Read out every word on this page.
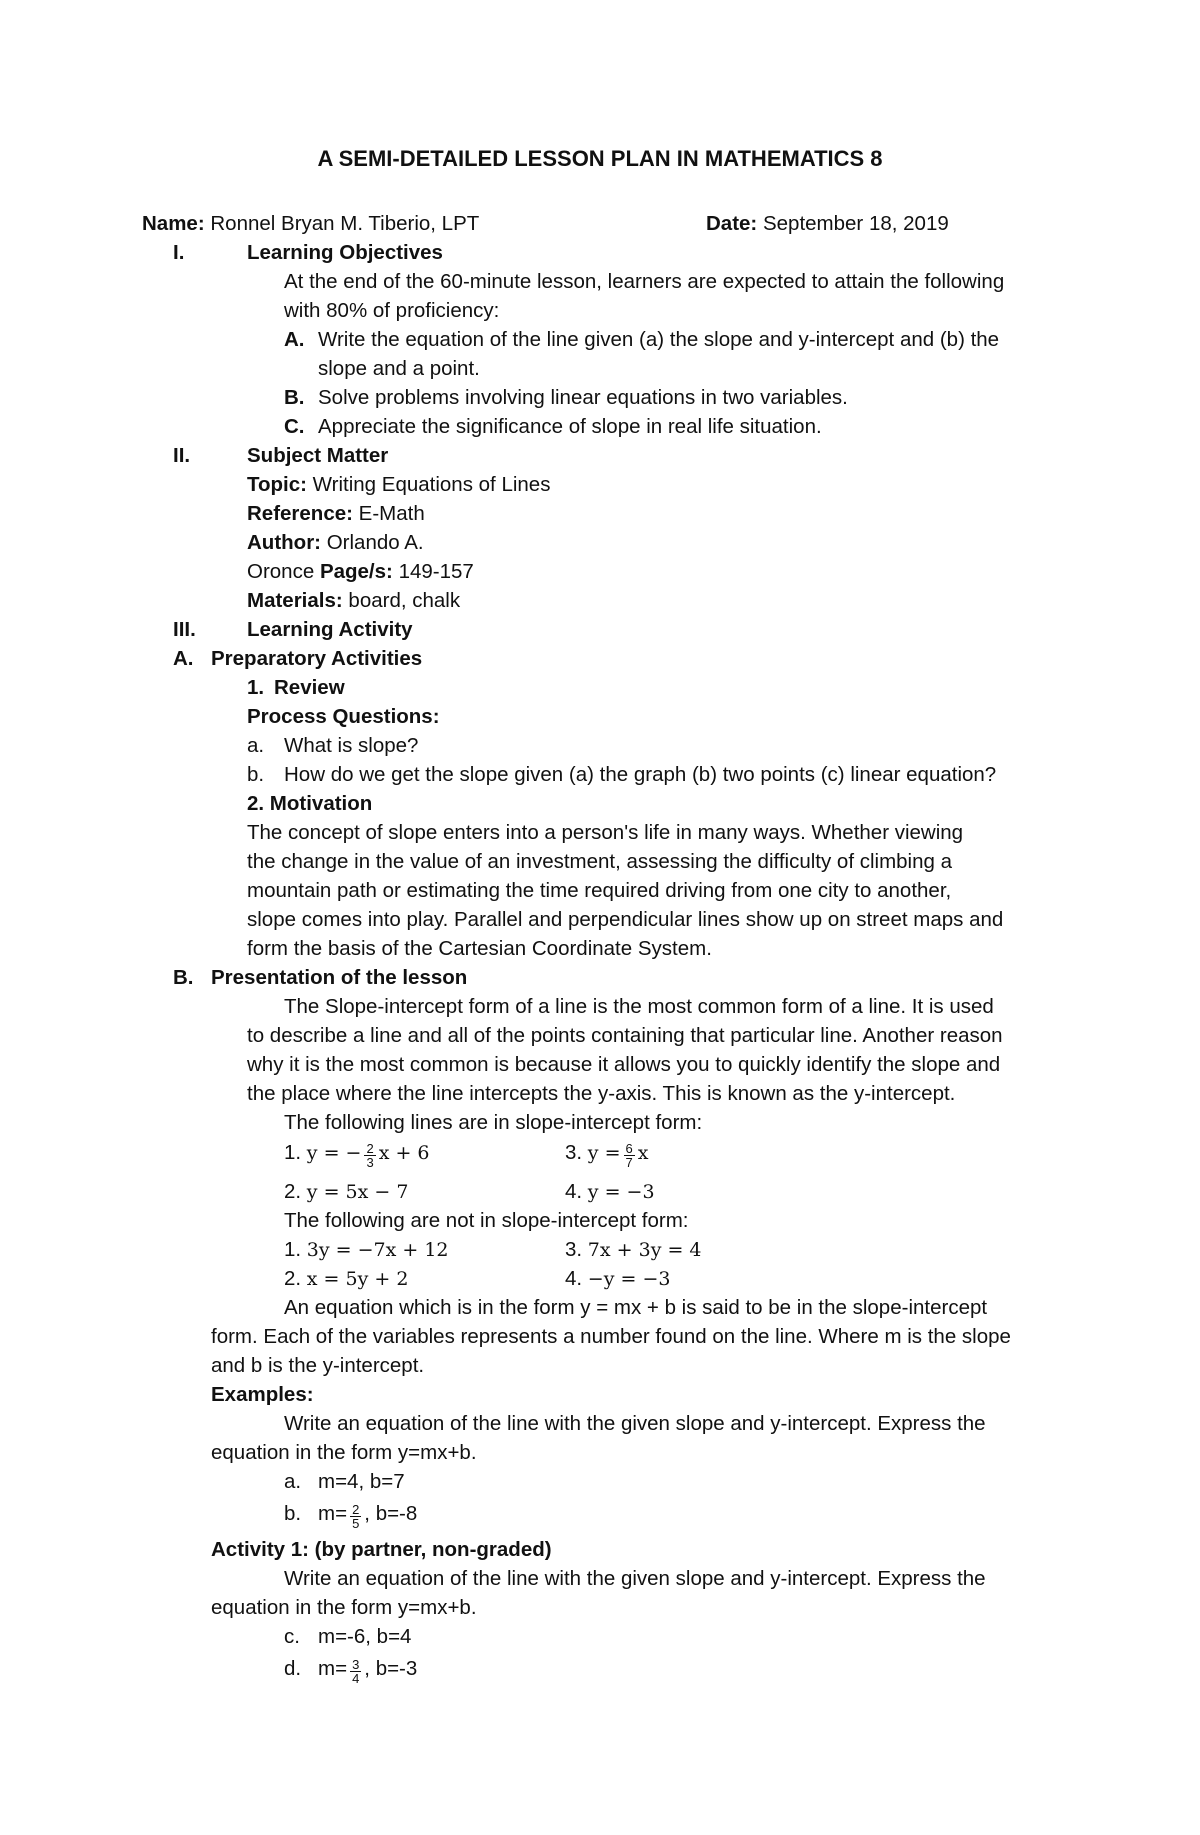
A SEMI-DETAILED LESSON PLAN IN MATHEMATICS 8
Name: Ronnel Bryan M. Tiberio, LPT	Date: September 18, 2019
I.	Learning Objectives
At the end of the 60-minute lesson, learners are expected to attain the following
with 80% of proficiency:
A. Write the equation of the line given (a) the slope and y-intercept and (b) the
slope and a point.
B. Solve problems involving linear equations in two variables.
C. Appreciate the significance of slope in real life situation.
II.	Subject Matter
Topic: Writing Equations of Lines
Reference: E-Math
Author: Orlando A.
Oronce Page/s: 149-157
Materials: board, chalk
III. Learning Activity
A. Preparatory Activities
1. Review
Process Questions:
a. What is slope?
b. How do we get the slope given (a) the graph (b) two points (c) linear equation?
2. Motivation
The concept of slope enters into a person's life in many ways. Whether viewing
the change in the value of an investment, assessing the difficulty of climbing a
mountain path or estimating the time required driving from one city to another,
slope comes into play. Parallel and perpendicular lines show up on street maps and
form the basis of the Cartesian Coordinate System.
B. Presentation of the lesson
The Slope-intercept form of a line is the most common form of a line. It is used
to describe a line and all of the points containing that particular line. Another reason
why it is the most common is because it allows you to quickly identify the slope and
the place where the line intercepts the y-axis. This is known as the y-intercept.
The following lines are in slope-intercept form:
1. y = − $\frac{2}{3}$ x + 6	3. $y = \frac{6}{7}$ x
2. y = 5x − 7	4. y = −3
The following are not in slope-intercept form:
1. 3y = −7x + 12	3. 7x + 3y = 4
2. x = 5y + 2	4. −y = −3
An equation which is in the form y = mx + b is said to be in the slope-intercept
form. Each of the variables represents a number found on the line. Where m is the slope
and b is the y-intercept.
Examples:
Write an equation of the line with the given slope and y-intercept. Express the
equation in the form y=mx+b.
a. m=4, b=7
b. $m= \frac{2}{5}$ , b=-8
Activity 1: (by partner, non-graded)
Write an equation of the line with the given slope and y-intercept. Express the
equation in the form y=mx+b.
c. m=-6, b=4
d. $m= \frac{3}{4}$ , b=-3
